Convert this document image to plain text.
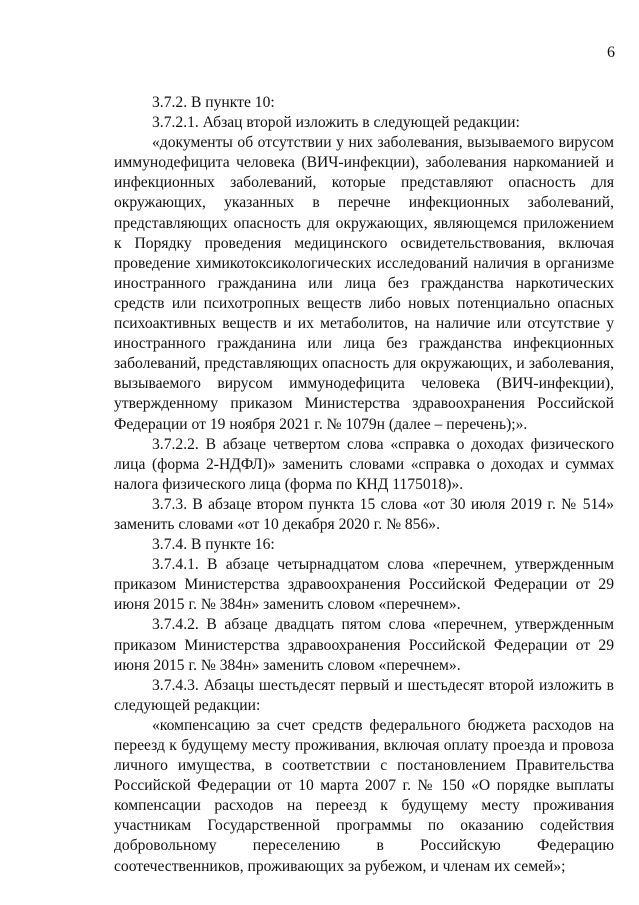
6

3.7.2. В пункте 10:

3.7.2.1. Абзац второй изложить в следующей редакции:

«документы об отсутствии у них заболевания, вызываемого вирусом иммунодефицита человека (ВИЧ-инфекции), заболевания наркоманией и инфекционных заболеваний, которые представляют опасность для окружающих, указанных в перечне инфекционных заболеваний, представляющих опасность для окружающих, являющемся приложением к Порядку проведения медицинского освидетельствования, включая проведение химикотоксикологических исследований наличия в организме иностранного гражданина или лица без гражданства наркотических средств или психотропных веществ либо новых потенциально опасных психоактивных веществ и их метаболитов, на наличие или отсутствие у иностранного гражданина или лица без гражданства инфекционных заболеваний, представляющих опасность для окружающих, и заболевания, вызываемого вирусом иммунодефицита человека (ВИЧ-инфекции), утвержденному приказом Министерства здравоохранения Российской Федерации от 19 ноября 2021 г. № 1079н (далее – перечень);».

3.7.2.2. В абзаце четвертом слова «справка о доходах физического лица (форма 2-НДФЛ)» заменить словами «справка о доходах и суммах налога физического лица (форма по КНД 1175018)».

3.7.3. В абзаце втором пункта 15 слова «от 30 июля 2019 г. № 514» заменить словами «от 10 декабря 2020 г. № 856».

3.7.4. В пункте 16:

3.7.4.1. В абзаце четырнадцатом слова «перечнем, утвержденным приказом Министерства здравоохранения Российской Федерации от 29 июня 2015 г. № 384н» заменить словом «перечнем».

3.7.4.2. В абзаце двадцать пятом слова «перечнем, утвержденным приказом Министерства здравоохранения Российской Федерации от 29 июня 2015 г. № 384н» заменить словом «перечнем».

3.7.4.3. Абзацы шестьдесят первый и шестьдесят второй изложить в следующей редакции:

«компенсацию за счет средств федерального бюджета расходов на переезд к будущему месту проживания, включая оплату проезда и провоза личного имущества, в соответствии с постановлением Правительства Российской Федерации от 10 марта 2007 г. № 150 «О порядке выплаты компенсации расходов на переезд к будущему месту проживания участникам Государственной программы по оказанию содействия добровольному переселению в Российскую Федерацию соотечественников, проживающих за рубежом, и членам их семей»;
